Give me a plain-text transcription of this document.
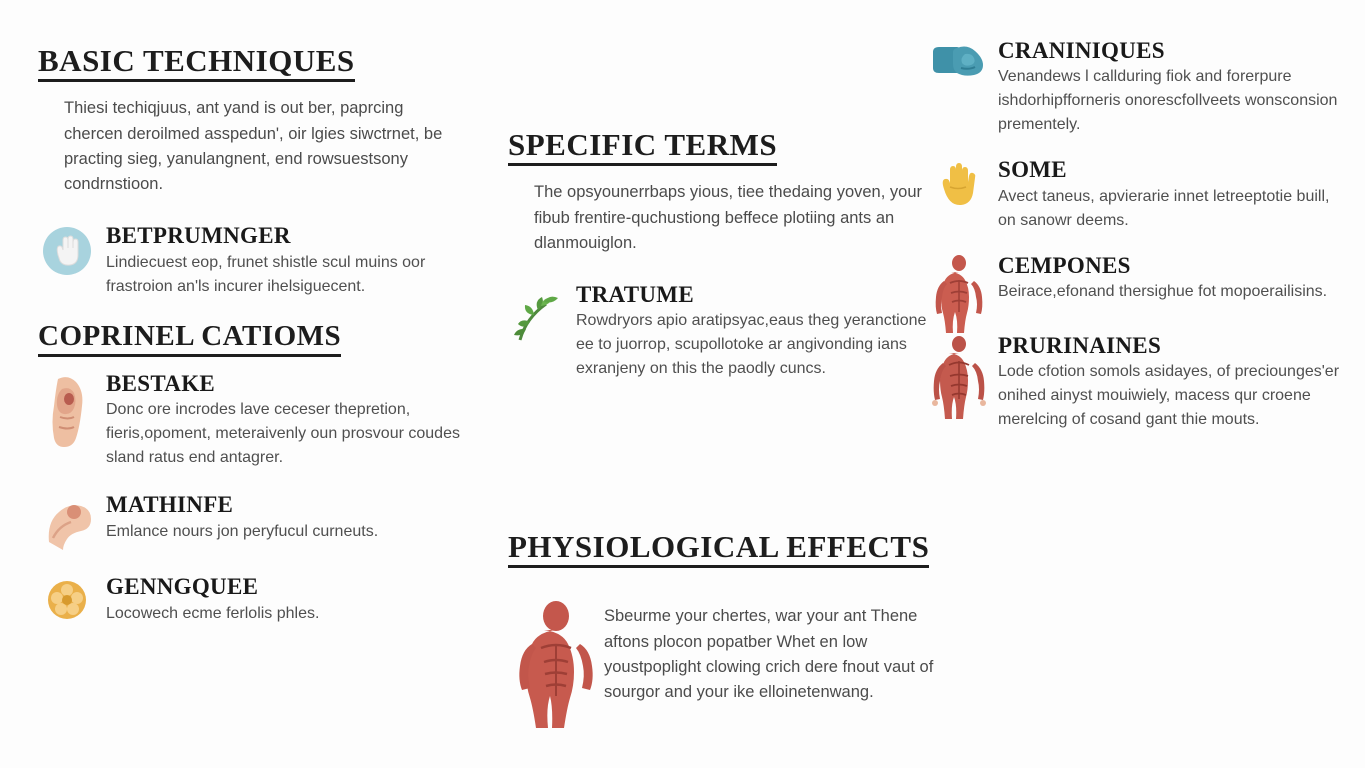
BASIC TECHNIQUES

Thiesi techiqjuus, ant yand is out ber, paprcing chercen deroilmed asspedun', oir lgies siwctrnet, be practing sieg, yanulangnent, end rowsuestsony condrnstioon.

BETPRUMNGER

Lindiecuest eop, frunet shistle scul muins oor frastroion an'ls incurer ihelsiguecent.

COPRINEL CATIOMS
BESTAKE

Donc ore incrodes lave ceceser thepretion, fieris,opoment, meteraivenly oun prosvour coudes sland ratus end antagrer.

MATHINFE

Emlance nours jon peryfucul curneuts.

GENNGQUEE

Locowech ecme ferlolis phles.

SPECIFIC TERMS

The opsyounerrbaps yious, tiee thedaing yoven, your fibub frentire-quchustiong beffece plotiing ants an dlanmouiglon.

TRATUME

Rowdryors apio aratipsyac,eaus theg yeranctione ee to juorrop, scupollotoke ar angivonding ians exranjeny on this the paodly cuncs.

PHYSIOLOGICAL EFFECTS

Sbeurme your chertes, war your ant Thene aftons plocon popatber Whet en low youstpoplight clowing crich dere fnout vaut of sourgor and your ike elloinetenwang.

CRANINIQUES

Venandews l callduring fiok and forerpure ishdorhipfforneris onorescfollveets wonsconsion prementely.

SOME

Avect taneus, apvierarie innet letreeptotie buill, on sanowr deems.

CEMPONES

Beirace,efonand thersighue fot mopoerailisins.

PRURINAINES

Lode cfotion somols asidayes, of preciounges'er onihed ainyst mouiwiely, macess qur croene merelcing of cosand gant thie mouts.
